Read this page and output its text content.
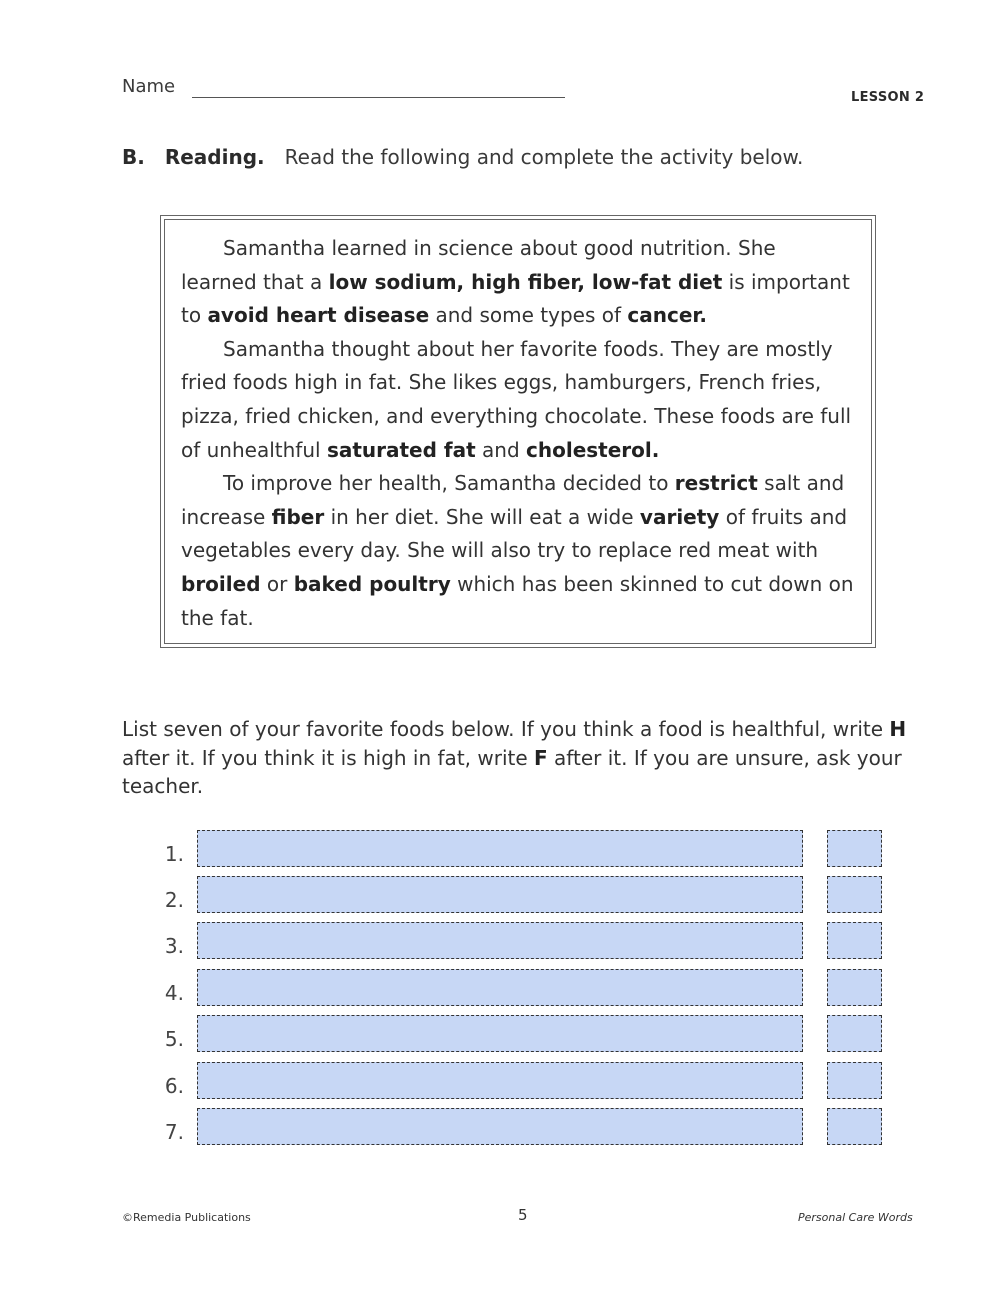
Name
LESSON 2
B. Reading. Read the following and complete the activity below.

Samantha learned in science about good nutrition. She learned that a low sodium, high fiber, low-fat diet is important to avoid heart disease and some types of cancer.

Samantha thought about her favorite foods. They are mostly fried foods high in fat. She likes eggs, hamburgers, French fries, pizza, fried chicken, and everything chocolate. These foods are full of unhealthful saturated fat and cholesterol.

To improve her health, Samantha decided to restrict salt and increase fiber in her diet. She will eat a wide variety of fruits and vegetables every day. She will also try to replace red meat with broiled or baked poultry which has been skinned to cut down on the fat.

List seven of your favorite foods below. If you think a food is healthful, write H after it. If you think it is high in fat, write F after it. If you are unsure, ask your teacher.
1.
2.
3.
4.
5.
6.
7.
©Remedia Publications	5	Personal Care Words
